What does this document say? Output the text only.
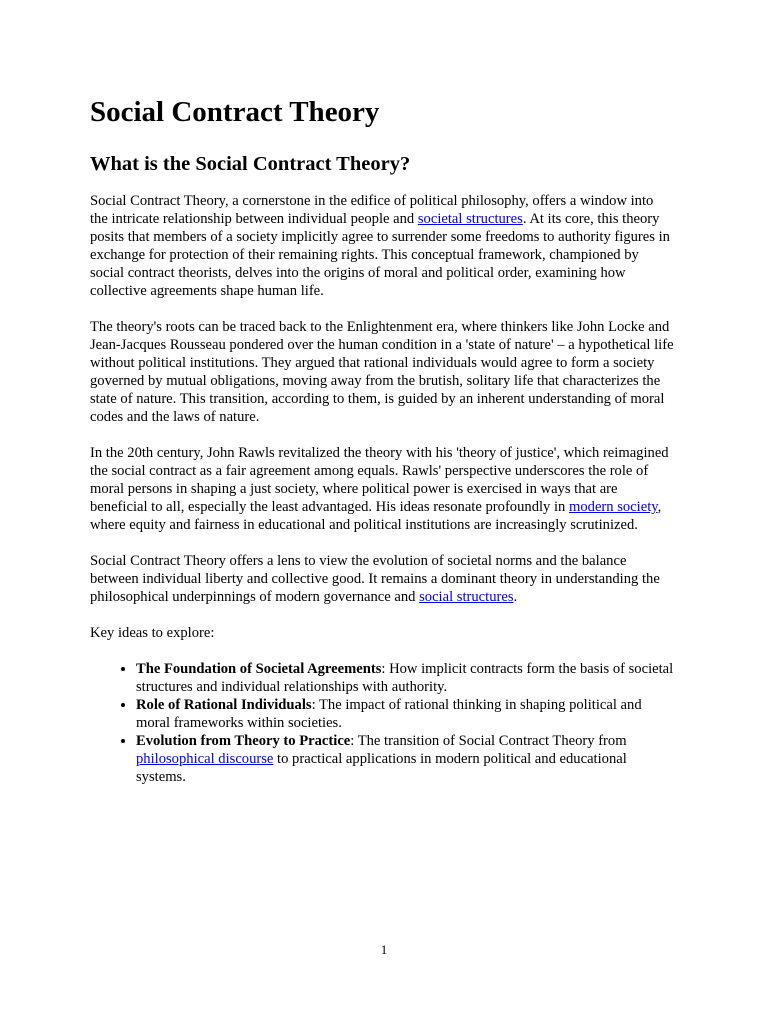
Social Contract Theory
What is the Social Contract Theory?

Social Contract Theory, a cornerstone in the edifice of political philosophy, offers a window into the intricate relationship between individual people and societal structures. At its core, this theory posits that members of a society implicitly agree to surrender some freedoms to authority figures in exchange for protection of their remaining rights. This conceptual framework, championed by social contract theorists, delves into the origins of moral and political order, examining how collective agreements shape human life.

The theory's roots can be traced back to the Enlightenment era, where thinkers like John Locke and Jean-Jacques Rousseau pondered over the human condition in a 'state of nature' – a hypothetical life without political institutions. They argued that rational individuals would agree to form a society governed by mutual obligations, moving away from the brutish, solitary life that characterizes the state of nature. This transition, according to them, is guided by an inherent understanding of moral codes and the laws of nature.

In the 20th century, John Rawls revitalized the theory with his 'theory of justice', which reimagined the social contract as a fair agreement among equals. Rawls' perspective underscores the role of moral persons in shaping a just society, where political power is exercised in ways that are beneficial to all, especially the least advantaged. His ideas resonate profoundly in modern society, where equity and fairness in educational and political institutions are increasingly scrutinized.

Social Contract Theory offers a lens to view the evolution of societal norms and the balance between individual liberty and collective good. It remains a dominant theory in understanding the philosophical underpinnings of modern governance and social structures.

Key ideas to explore:

• The Foundation of Societal Agreements: How implicit contracts form the basis of societal structures and individual relationships with authority.
• Role of Rational Individuals: The impact of rational thinking in shaping political and moral frameworks within societies.
• Evolution from Theory to Practice: The transition of Social Contract Theory from philosophical discourse to practical applications in modern political and educational systems.
1
